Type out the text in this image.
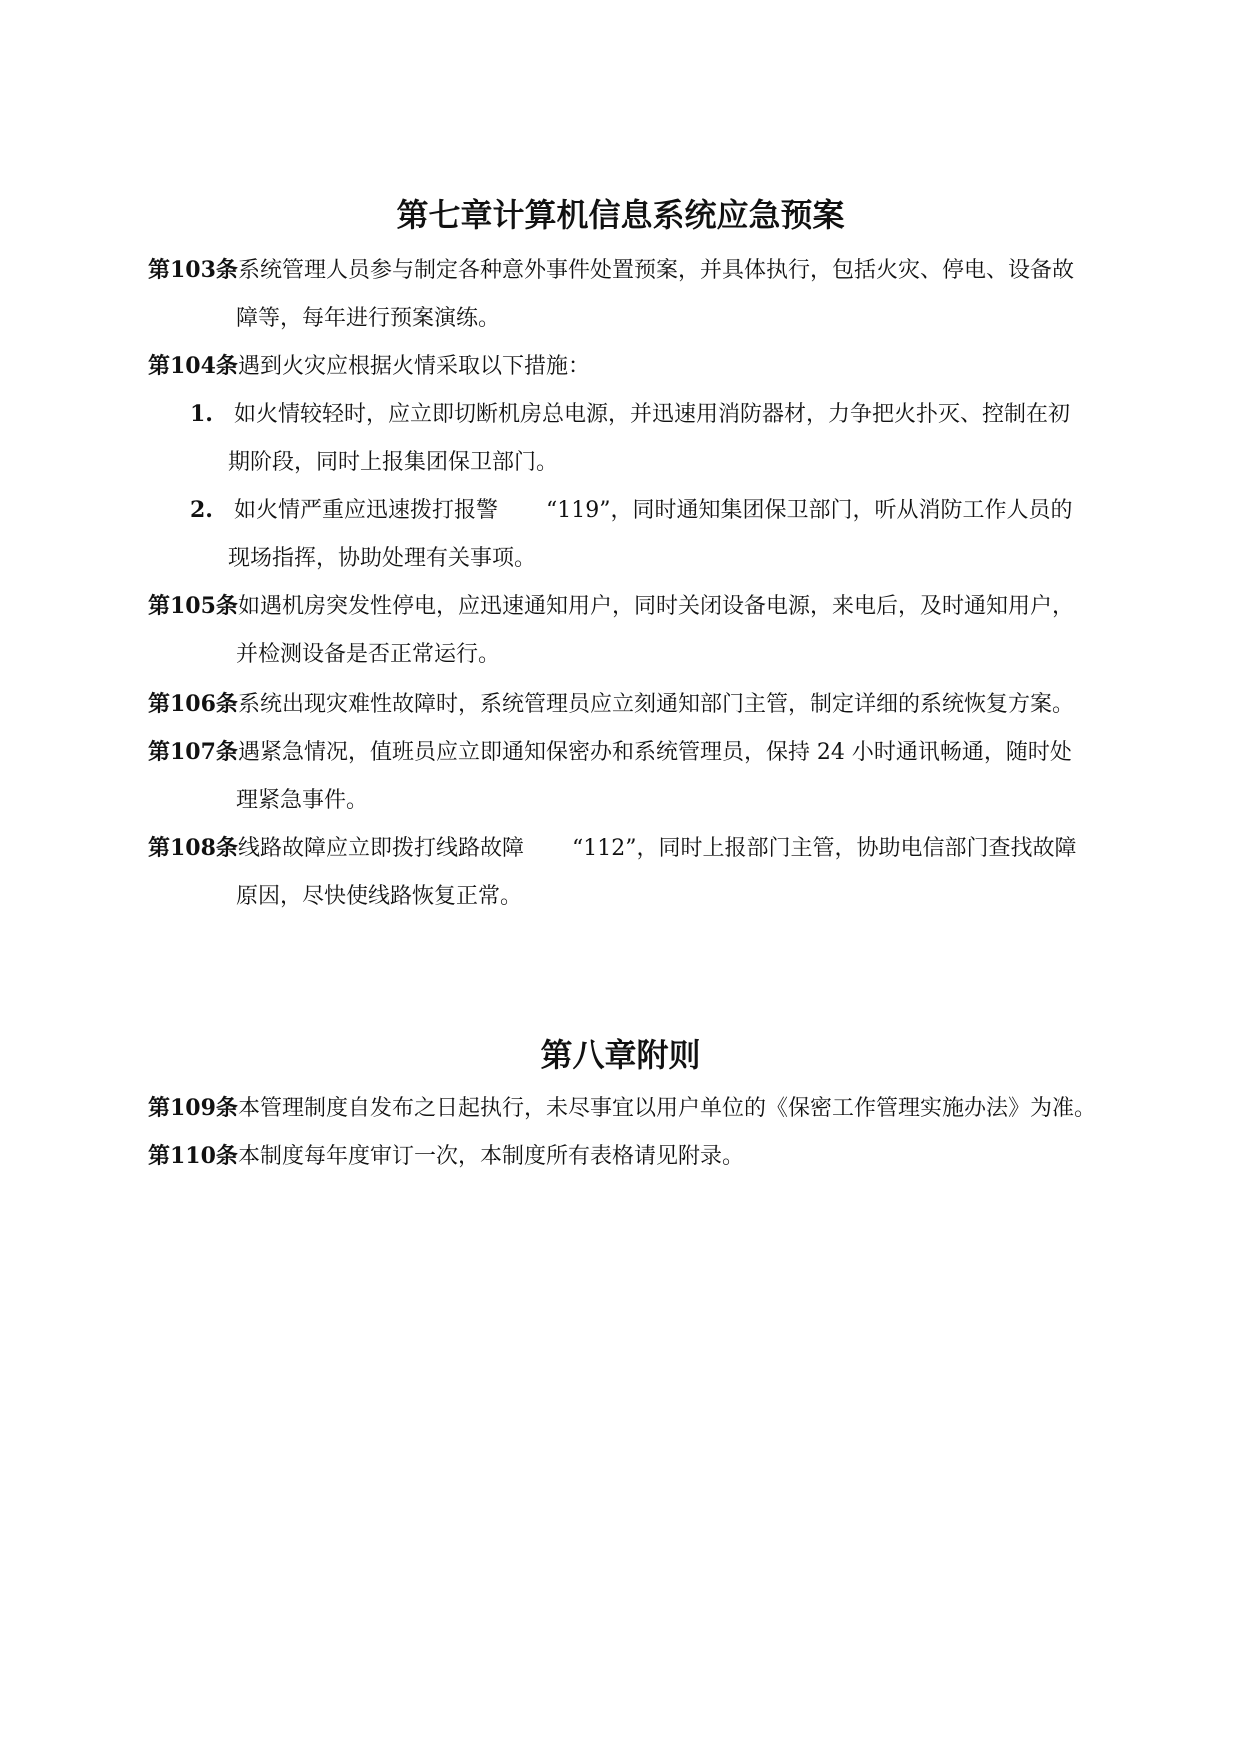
第七章计算机信息系统应急预案
第103条系统管理人员参与制定各种意外事件处置预案，并具体执行，包括火灾、停电、设备故
障等，每年进行预案演练。
第104条遇到火灾应根据火情采取以下措施：
1. 如火情较轻时，应立即切断机房总电源，并迅速用消防器材，力争把火扑灭、控制在初
期阶段，同时上报集团保卫部门。
2. 如火情严重应迅速拨打报警 “119”，同时通知集团保卫部门，听从消防工作人员的
现场指挥，协助处理有关事项。
第105条如遇机房突发性停电，应迅速通知用户，同时关闭设备电源，来电后，及时通知用户，
并检测设备是否正常运行。
第106条系统出现灾难性故障时，系统管理员应立刻通知部门主管，制定详细的系统恢复方案。
第107条遇紧急情况，值班员应立即通知保密办和系统管理员，保持 24 小时通讯畅通，随时处
理紧急事件。
第108条线路故障应立即拨打线路故障 “112”，同时上报部门主管，协助电信部门查找故障
原因，尽快使线路恢复正常。
第八章附则
第109条本管理制度自发布之日起执行，未尽事宜以用户单位的《保密工作管理实施办法》为准。
第110条本制度每年度审订一次，本制度所有表格请见附录。
